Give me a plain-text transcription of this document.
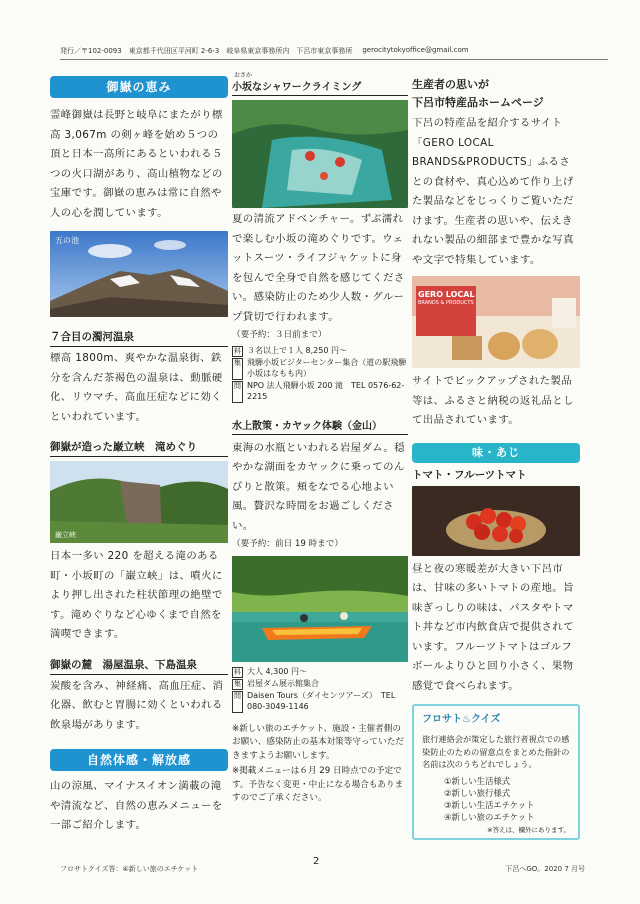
発行／〒102-0093　東京都千代田区平河町 2-6-3　岐阜県東京事務所内　下呂市東京事務所 gerocitytokyoffice@gmail.com
御嶽の恵み

霊峰御嶽は長野と岐阜にまたがり標高 3,067m の剣ヶ峰を始め５つの頂と日本一高所にあるといわれる５つの火口湖があり、高山植物などの宝庫です。御嶽の恵みは常に自然や人の心を潤しています。

五の池
７合目の濁河温泉

標高 1800m、爽やかな温泉街、鉄分を含んだ茶褐色の温泉は、動脈硬化、リウマチ、高血圧症などに効くといわれています。

御嶽が造った巌立峡　滝めぐり
巌立峡

日本一多い 220 を超える滝のある町・小坂町の「巌立峡」は、噴火により押し出された柱状節理の絶壁です。滝めぐりなど心ゆくまで自然を満喫できます。

御嶽の麓　湯屋温泉、下島温泉

炭酸を含み、神経痛、高血圧症、消化器、飲むと胃腸に効くといわれる飲泉場があります。

自然体感・解放感

山の涼風、マイナスイオン満載の滝や清流など、自然の恵みメニューを一部ご紹介します。

おさか
小坂なシャワークライミング

夏の清流アドベンチャー。ずぶ濡れで楽しむ小坂の滝めぐりです。ウェットスーツ・ライフジャケットに身を包んで全身で自然を感じてください。感染防止のため少人数・グループ貸切で行われます。

（要予約：３日前まで）
料 ３名以上で１人 8,250 円～
集 飛騨小坂ビジターセンター集合（道の駅飛騨小坂はなもも内）
問 NPO 法人飛騨小坂 200 滝　TEL 0576-62-2215
水上散策・カヤック体験（金山）

東海の水瓶といわれる岩屋ダム。穏やかな湖面をカヤックに乗ってのんびりと散策。頬をなでる心地よい風。贅沢な時間をお過ごしください。

（要予約：前日 19 時まで）
料 大人 4,300 円～
集 岩屋ダム展示館集合
問 Daisen Tours（ダイセンツアーズ）　TEL 080-3049-1146

※新しい旅のエチケット、施設・主催者側のお願い、感染防止の基本対策等守っていただきますようお願いします。

※掲載メニューは６月 29 日時点での予定です。予告なく変更・中止になる場合もありますのでご了承ください。

生産者の思いが
下呂市特産品ホームページ

下呂の特産品を紹介するサイト「GERO LOCAL BRANDS&PRODUCTS」ふるさとの食材や、真心込めて作り上げた製品などをじっくりご覧いただけます。生産者の思いや、伝えきれない製品の細部まで豊かな写真や文字で特集しています。

GERO LOCAL
BRANDS & PRODUCTS

サイトでピックアップされた製品等は、ふるさと納税の返礼品として出品されています。

味・あじ
トマト・フルーツトマト

昼と夜の寒暖差が大きい下呂市は、甘味の多いトマトの産地。旨味ぎっしりの味は、パスタやトマト丼など市内飲食店で提供されています。フルーツトマトはゴルフボールよりひと回り小さく、果物感覚で食べられます。

フロサト♨クイズ

旅行連絡会が策定した旅行者視点での感染防止のための留意点をまとめた指針の名前は次のうちどれでしょう。

①新しい生活様式
②新しい旅行様式
③新しい生活エチケット
④新しい旅のエチケット
※答えは、欄外にあります。
2
フロサトクイズ答：④新しい旅のエチケット	下呂へGO。2020 7 月号
